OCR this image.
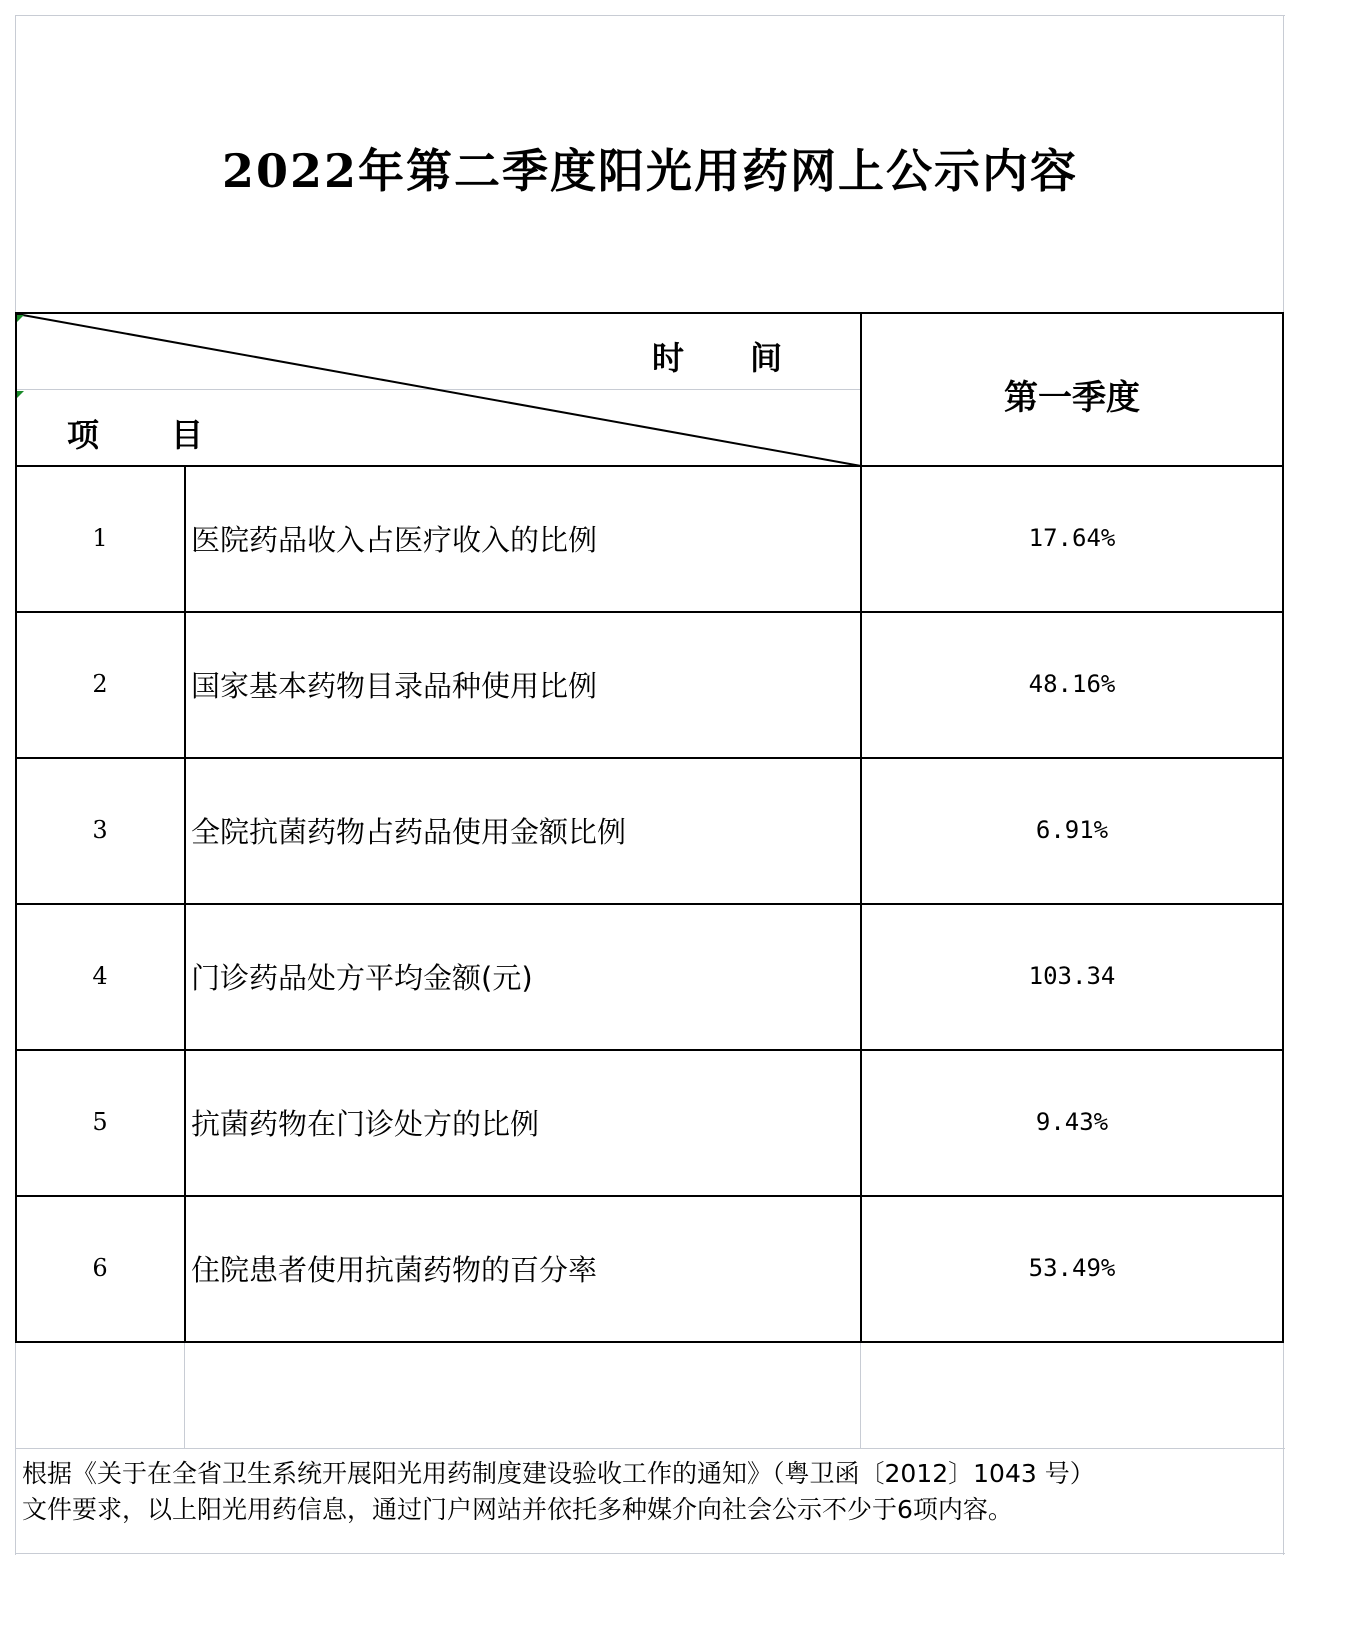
2022年第二季度阳光用药网上公示内容
时 间
项 目
第一季度
1	医院药品收入占医疗收入的比例	17.64%
2	国家基本药物目录品种使用比例	48.16%
3	全院抗菌药物占药品使用金额比例	6.91%
4	门诊药品处方平均金额(元)	103.34
5	抗菌药物在门诊处方的比例	9.43%
6	住院患者使用抗菌药物的百分率	53.49%
根据《关于在全省卫生系统开展阳光用药制度建设验收工作的通知》（粤卫函〔2012〕1043 号）
文件要求，以上阳光用药信息，通过门户网站并依托多种媒介向社会公示不少于6项内容。
